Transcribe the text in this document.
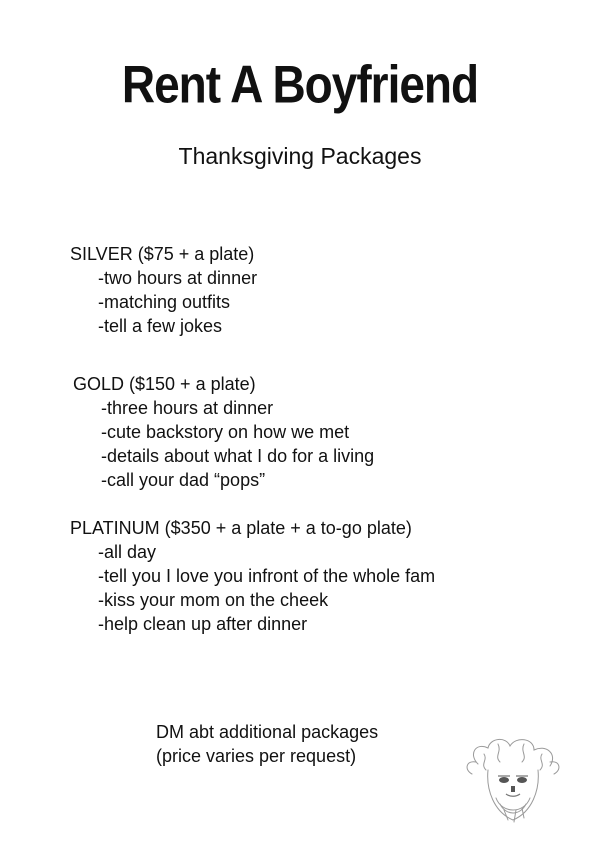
Rent A Boyfriend
Thanksgiving Packages
SILVER ($75 + a plate)
-two hours at dinner
-matching outfits
-tell a few jokes
GOLD ($150 + a plate)
-three hours at dinner
-cute backstory on how we met
-details about what I do for a living
-call your dad “pops”
PLATINUM ($350 + a plate + a to-go plate)
-all day
-tell you I love you infront of the whole fam
-kiss your mom on the cheek
-help clean up after dinner
DM abt additional packages
(price varies per request)
